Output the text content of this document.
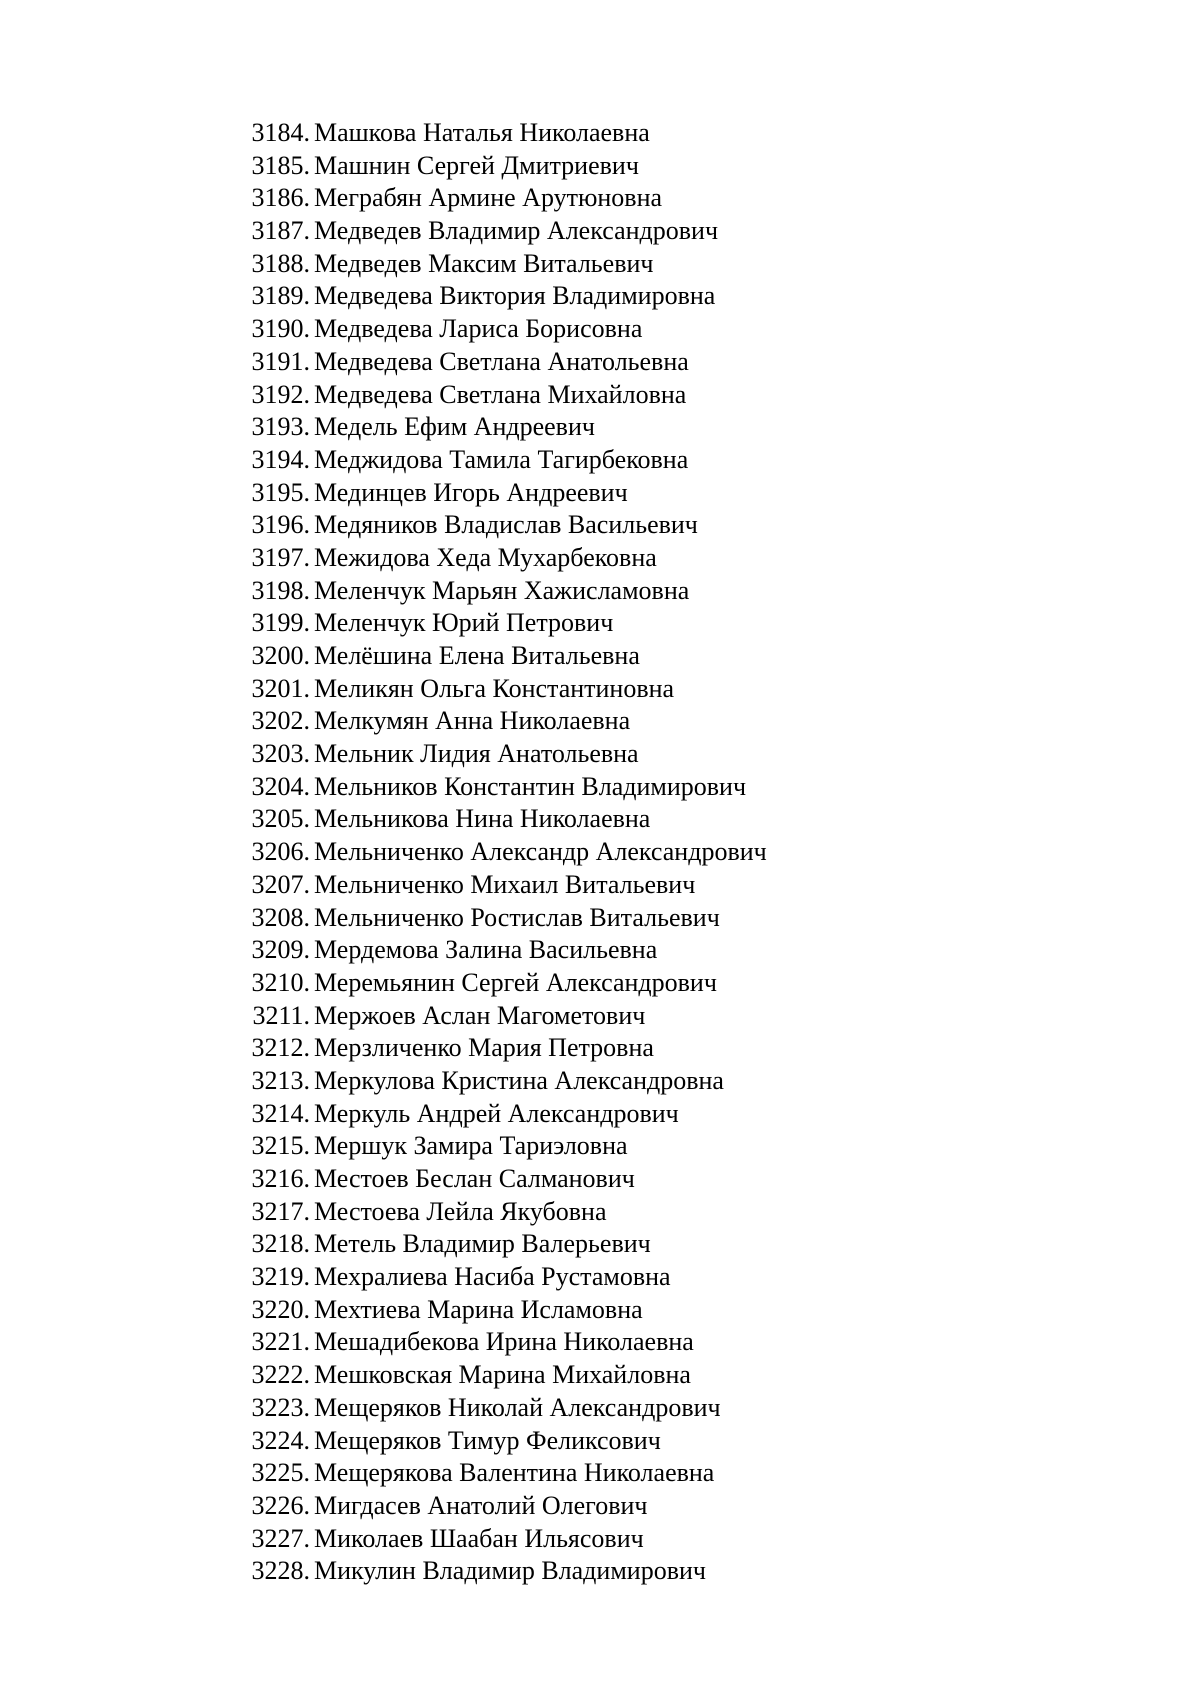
3184. Машкова Наталья Николаевна
3185. Машнин Сергей Дмитриевич
3186. Меграбян Армине Арутюновна
3187. Медведев Владимир Александрович
3188. Медведев Максим Витальевич
3189. Медведева Виктория Владимировна
3190. Медведева Лариса Борисовна
3191. Медведева Светлана Анатольевна
3192. Медведева Светлана Михайловна
3193. Медель Ефим Андреевич
3194. Меджидова Тамила Тагирбековна
3195. Мединцев Игорь Андреевич
3196. Медяников Владислав Васильевич
3197. Межидова Хеда Мухарбековна
3198. Меленчук Марьян Хажисламовна
3199. Меленчук Юрий Петрович
3200. Мелёшина Елена Витальевна
3201. Меликян Ольга Константиновна
3202. Мелкумян Анна Николаевна
3203. Мельник Лидия Анатольевна
3204. Мельников Константин Владимирович
3205. Мельникова Нина Николаевна
3206. Мельниченко Александр Александрович
3207. Мельниченко Михаил Витальевич
3208. Мельниченко Ростислав Витальевич
3209. Мердемова Залина Васильевна
3210. Меремьянин Сергей Александрович
3211. Мержоев Аслан Магометович
3212. Мерзличенко Мария Петровна
3213. Меркулова Кристина Александровна
3214. Меркуль Андрей Александрович
3215. Мершук Замира Тариэловна
3216. Местоев Беслан Салманович
3217. Местоева Лейла Якубовна
3218. Метель Владимир Валерьевич
3219. Мехралиева Насиба Рустамовна
3220. Мехтиева Марина Исламовна
3221. Мешадибекова Ирина Николаевна
3222. Мешковская Марина Михайловна
3223. Мещеряков Николай Александрович
3224. Мещеряков Тимур Феликсович
3225. Мещерякова Валентина Николаевна
3226. Мигдасев Анатолий Олегович
3227. Миколаев Шаабан Ильясович
3228. Микулин Владимир Владимирович
